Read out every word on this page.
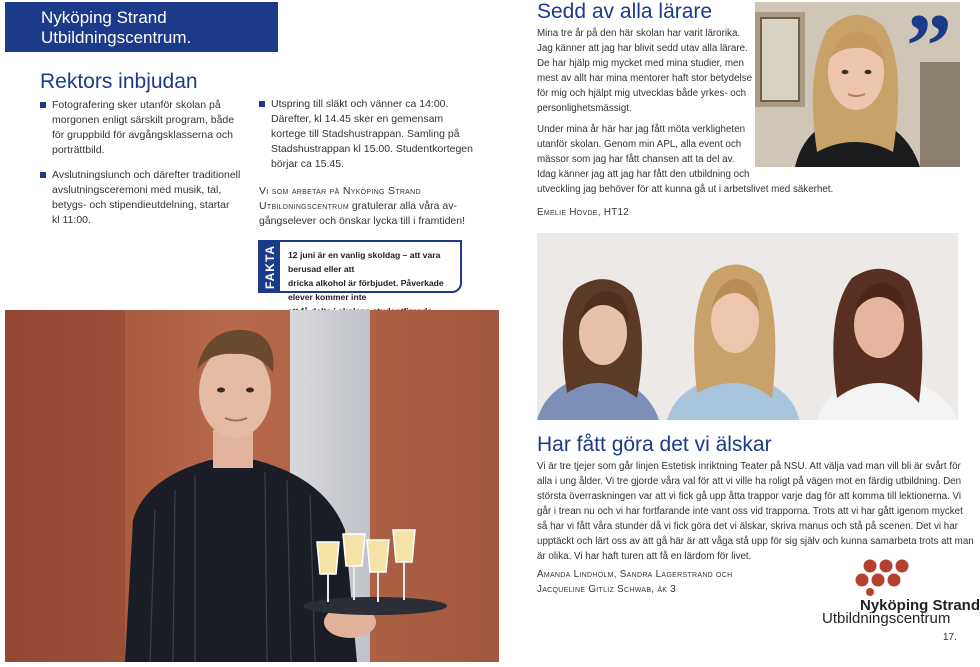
Nyköping Strand
Utbildningscentrum.
Rektors inbjudan
Fotografering sker utanför skolan på
morgonen enligt särskilt program, både
för gruppbild för avgångsklasserna och
porträttbild.
Avslutningslunch och därefter traditionell
avslutningsceremoni med musik, tal,
betygs- och stipendieutdelning, startar
kl 11:00.
Utspring till släkt och vänner ca 14:00.
Därefter, kl 14.45 sker en gemensam
kortege till Stadshustrappan. Samling på
Stadshustrappan kl 15.00. Studentkortegen
börjar ca 15.45.
Vi som arbetar på Nyköping Strand
Utbildningscentrum gratulerar alla våra av-
gångselever och önskar lycka till i framtiden!
FAKTA 12 juni är en vanlig skoldag – att vara berusad eller att
dricka alkohol är förbjudet. Påverkade elever kommer inte
Sedd av alla lärare
Mina tre år på den här skolan har varit lärorika.
Jag känner att jag har blivit sedd utav alla lärare.
De har hjälp mig mycket med mina studier, men
mest av allt har mina mentorer haft stor betydelse
för mig och hjälpt mig utvecklas både yrkes- och
personlighetsmässigt.
Under mina år här har jag fått möta verkligheten
utanför skolan. Genom min APL, alla event och
mässor som jag har fått chansen att ta del av.
Idag känner jag att jag har fått den utbildning och
utveckling jag behöver för att kunna gå ut i arbetslivet med säkerhet.
Emelie Hovde, HT12
Har fått göra det vi älskar
Vi är tre tjejer som går linjen Estetisk inriktning Teater på NSU. Att välja vad man vill bli är svårt för
alla i ung ålder. Vi tre gjorde våra val för att vi ville ha roligt på vägen mot en färdig utbildning. Den
största överraskningen var att vi fick gå upp åtta trappor varje dag för att komma till lektionerna. Vi
går i trean nu och vi har fortfarande inte vant oss vid trapporna. Trots att vi har gått igenom mycket
så har vi fått våra stunder då vi fick göra det vi älskar, skriva manus och stå på scenen. Det vi har
upptäckt och lärt oss av att gå här är att våga stå upp för sig själv och kunna samarbeta trots att man
är olika. Vi har haft turen att få en lärdom för livet.
Amanda Lindholm, Sandra Lagerstrand och
Jacqueline Gitliz Schwab, åk 3
Nyköping Strand
Utbildningscentrum
17.
